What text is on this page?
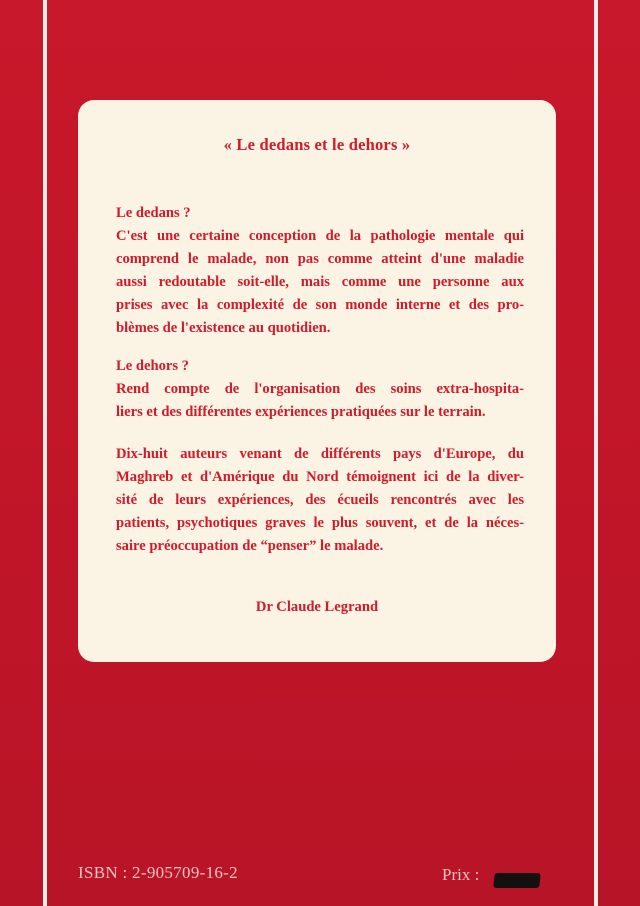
« Le dedans et le dehors »
Le dedans ?
C'est une certaine conception de la pathologie mentale qui
comprend le malade, non pas comme atteint d'une maladie
aussi redoutable soit-elle, mais comme une personne aux
prises avec la complexité de son monde interne et des pro-
blèmes de l'existence au quotidien.
Le dehors ?
Rend compte de l'organisation des soins extra-hospita-
liers et des différentes expériences pratiquées sur le terrain.
Dix-huit auteurs venant de différents pays d'Europe, du
Maghreb et d'Amérique du Nord témoignent ici de la diver-
sité de leurs expériences, des écueils rencontrés avec les
patients, psychotiques graves le plus souvent, et de la néces-
saire préoccupation de “penser” le malade.
Dr Claude Legrand
ISBN : 2-905709-16-2	Prix :
